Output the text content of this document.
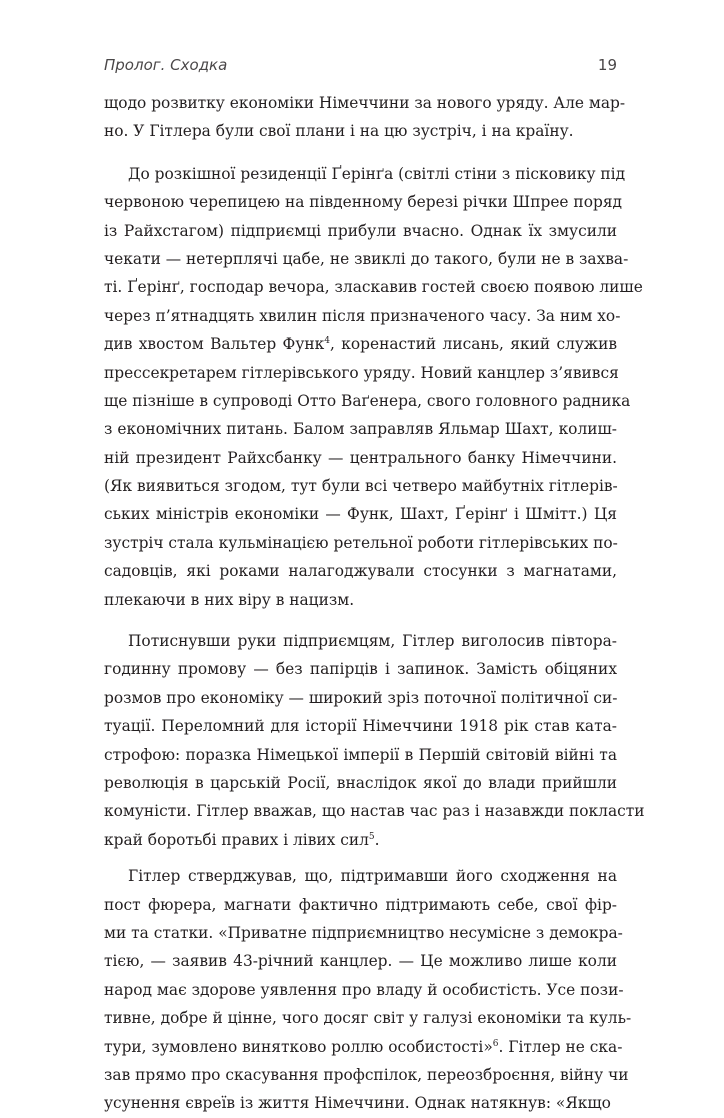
Пролог. Сходка	19
щодо розвитку економіки Німеччини за нового уряду. Але мар-
но. У Гітлера були свої плани і на цю зустріч, і на країну.
До розкішної резиденції Ґерінґа (світлі стіни з пісковику під
червоною черепицею на південному березі річки Шпрее поряд
із Райхстагом) підприємці прибули вчасно. Однак їх змусили
чекати — нетерплячі цабе, не звиклі до такого, були не в захва-
ті. Ґерінґ, господар вечора, зласкавив гостей своєю появою лише
через п’ятнадцять хвилин після призначеного часу. За ним хо-
див хвостом Вальтер Функ$^4$, коренастий лисань, який служив
прессекретарем гітлерівського уряду. Новий канцлер з’явився
ще пізніше в супроводі Отто Ваґенера, свого головного радника
з економічних питань. Балом заправляв Яльмар Шахт, колиш-
ній президент Райхсбанку — центрального банку Німеччини.
(Як виявиться згодом, тут були всі четверо майбутніх гітлерів-
ських міністрів економіки — Функ, Шахт, Ґерінґ і Шмітт.) Ця
зустріч стала кульмінацією ретельної роботи гітлерівських по-
садовців, які роками налагоджували стосунки з магнатами,
плекаючи в них віру в нацизм.
Потиснувши руки підприємцям, Гітлер виголосив півтора-
годинну промову — без папірців і запинок. Замість обіцяних
розмов про економіку — широкий зріз поточної політичної си-
туації. Переломний для історії Німеччини 1918 рік став ката-
строфою: поразка Німецької імперії в Першій світовій війні та
революція в царській Росії, внаслідок якої до влади прийшли
комуністи. Гітлер вважав, що настав час раз і назавжди покласти
край боротьбі правих і лівих сил$^5$.
Гітлер стверджував, що, підтримавши його сходження на
пост фюрера, магнати фактично підтримають себе, свої фір-
ми та статки. «Приватне підприємництво несумісне з демокра-
тією, — заявив 43-річний канцлер. — Це можливо лише коли
народ має здорове уявлення про владу й особистість. Усе пози-
тивне, добре й цінне, чого досяг світ у галузі економіки та куль-
тури, зумовлено винятково роллю особистості»$^6$. Гітлер не ска-
зав прямо про скасування профспілок, переозброєння, війну чи
усунення євреїв із життя Німеччини. Однак натякнув: «Якщо
